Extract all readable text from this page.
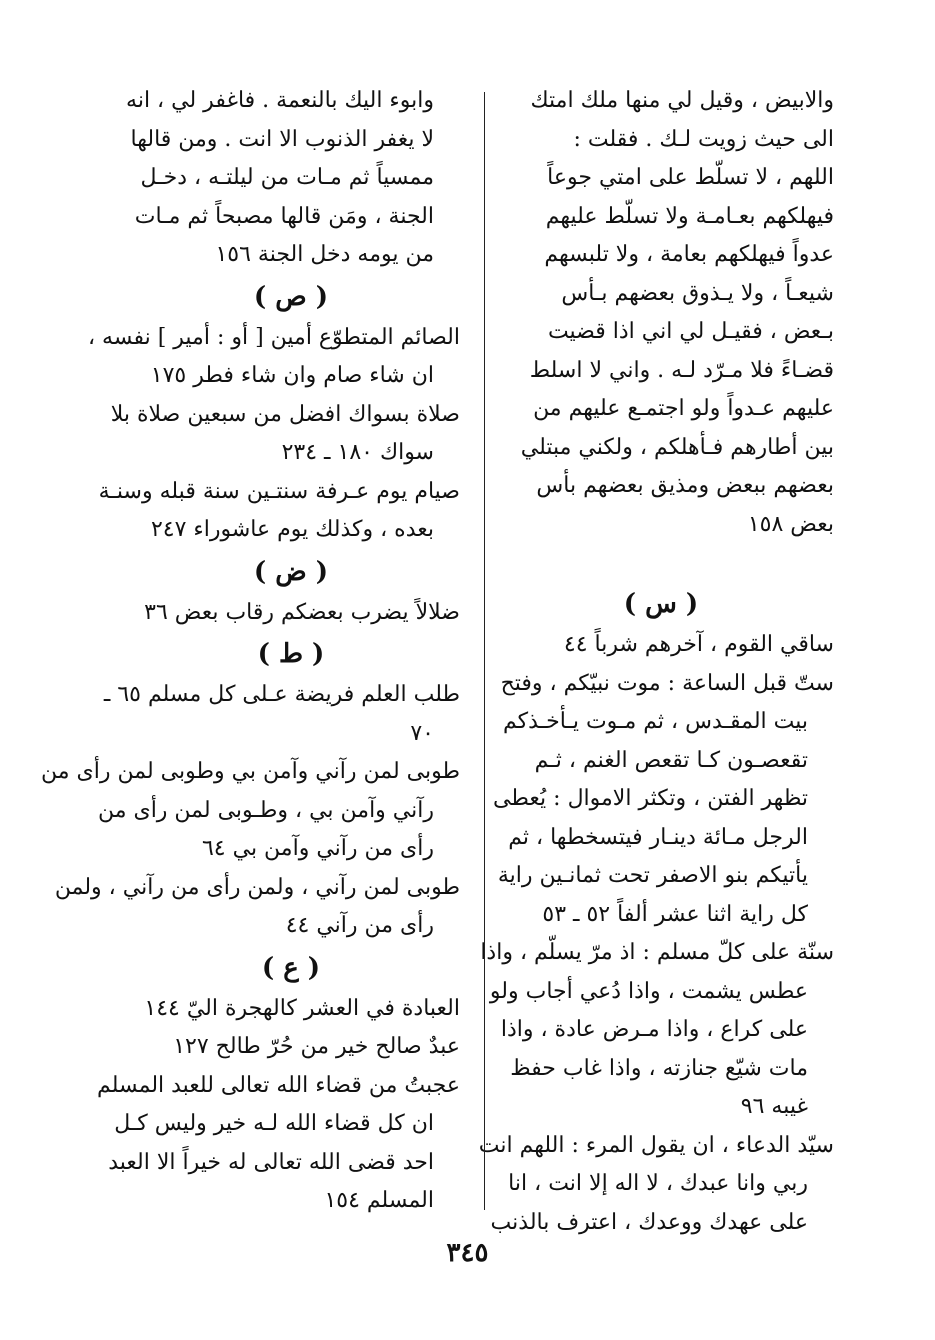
والابيض ، وقيل لي منها ملك امتك
الى حيث زويت لـك . فقلت :
اللهم ، لا تسلّط على امتي جوعاً
فيهلكهم بعـامـة ولا تسلّط عليهم
عدواً فيهلكهم بعامة ، ولا تلبسهم
شيعـاً ، ولا يـذوق بعضهم بـأس
بـعض ، فقيـل لي اني اذا قضيت
قضـاءً فلا مـرّد لـه . واني لا اسلط
عليهم عـدواً ولو اجتمـع عليهم من
بين أطارهم فـأهلكم ، ولكني مبتلي
بعضهم ببعض ومذيق بعضهم بأس
بعض ١٥٨
( س )
ساقي القوم ، آخرهم شرباً ٤٤
ستّ قبل الساعة : موت نبيّكم ، وفتح
بيت المقـدس ، ثم مـوت يـأخـذكم
تقعصـون كـا تقعص الغنم ، ثـم
تظهر الفتن ، وتكثر الاموال : يُعطى
الرجل مـائة دينـار فيتسخطها ، ثم
يأتيكم بنو الاصفر تحت ثمانـين راية
كل راية اثنا عشر ألفاً ٥٢ ـ ٥٣
سنّة على كلّ مسلم : اذ مرّ يسلّم ، واذا
عطس يشمت ، واذا دُعي أجاب ولو
على كراع ، واذا مـرض عادة ، واذا
مات شيّع جنازته ، واذا غاب حفظ
غيبه ٩٦
سيّد الدعاء ، ان يقول المرء : اللهم انت
ربي وانا عبدك ، لا اله إلا انت ، انا
على عهدك ووعدك ، اعترف بالذنب
وابوء اليك بالنعمة . فاغفر لي ، انه
لا يغفر الذنوب الا انت . ومن قالها
ممسياً ثم مـات من ليلتـه ، دخـل
الجنة ، ومَن قالها مصبحاً ثم مـات
من يومه دخل الجنة ١٥٦
( ص )
الصائم المتطوّع أمين [ أو : أمير ] نفسه ،
ان شاء صام وان شاء فطر ١٧٥
صلاة بسواك افضل من سبعين صلاة بلا
سواك ١٨٠ ـ ٢٣٤
صيام يوم عـرفة سنتـين سنة قبله وسنـة
بعده ، وكذلك يوم عاشوراء ٢٤٧
( ض )
ضلالاً يضرب بعضكم رقاب بعض ٣٦
( ط )
طلب العلم فريضة عـلى كل مسلم ٦٥ ـ
٧٠
طوبى لمن رآني وآمن بي وطوبى لمن رأى من
رآني وآمن بي ، وطـوبى لمن رأى من
رأى من رآني وآمن بي ٦٤
طوبى لمن رآني ، ولمن رأى من رآني ، ولمن
رأى من رآني ٤٤
( ع )
العبادة في العشر كالهجرة اليّ ١٤٤
عبدٌ صالح خير من حُرّ طالح ١٢٧
عجبتُ من قضاء الله تعالى للعبد المسلم
ان كل قضاء الله لـه خير وليس كـل
احد قضى الله تعالى له خيراً الا العبد
المسلم ١٥٤
٣٤٥
